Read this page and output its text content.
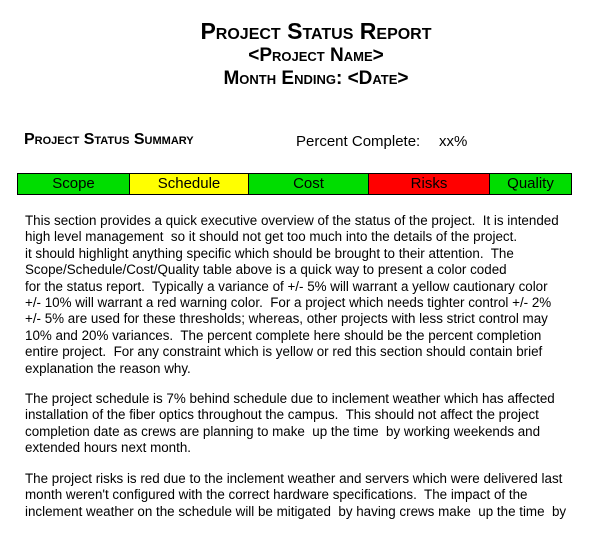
Project Status Report
<Project Name>
Month Ending: <Date>
Project Status Summary	Percent Complete: xx%
Scope	Schedule	Cost	Risks	Quality
This section provides a quick executive overview of the status of the project.  It is intended
high level management  so it should not get too much into the details of the project.
it should highlight anything specific which should be brought to their attention.  The
Scope/Schedule/Cost/Quality table above is a quick way to present a color coded
for the status report.  Typically a variance of +/- 5% will warrant a yellow cautionary color
+/- 10% will warrant a red warning color.  For a project which needs tighter control +/- 2%
+/- 5% are used for these thresholds; whereas, other projects with less strict control may
10% and 20% variances.  The percent complete here should be the percent completion
entire project.  For any constraint which is yellow or red this section should contain brief
explanation the reason why.
The project schedule is 7% behind schedule due to inclement weather which has affected
installation of the fiber optics throughout the campus.  This should not affect the project
completion date as crews are planning to make  up the time  by working weekends and
extended hours next month.
The project risks is red due to the inclement weather and servers which were delivered last
month weren't configured with the correct hardware specifications.  The impact of the
inclement weather on the schedule will be mitigated  by having crews make  up the time  by
